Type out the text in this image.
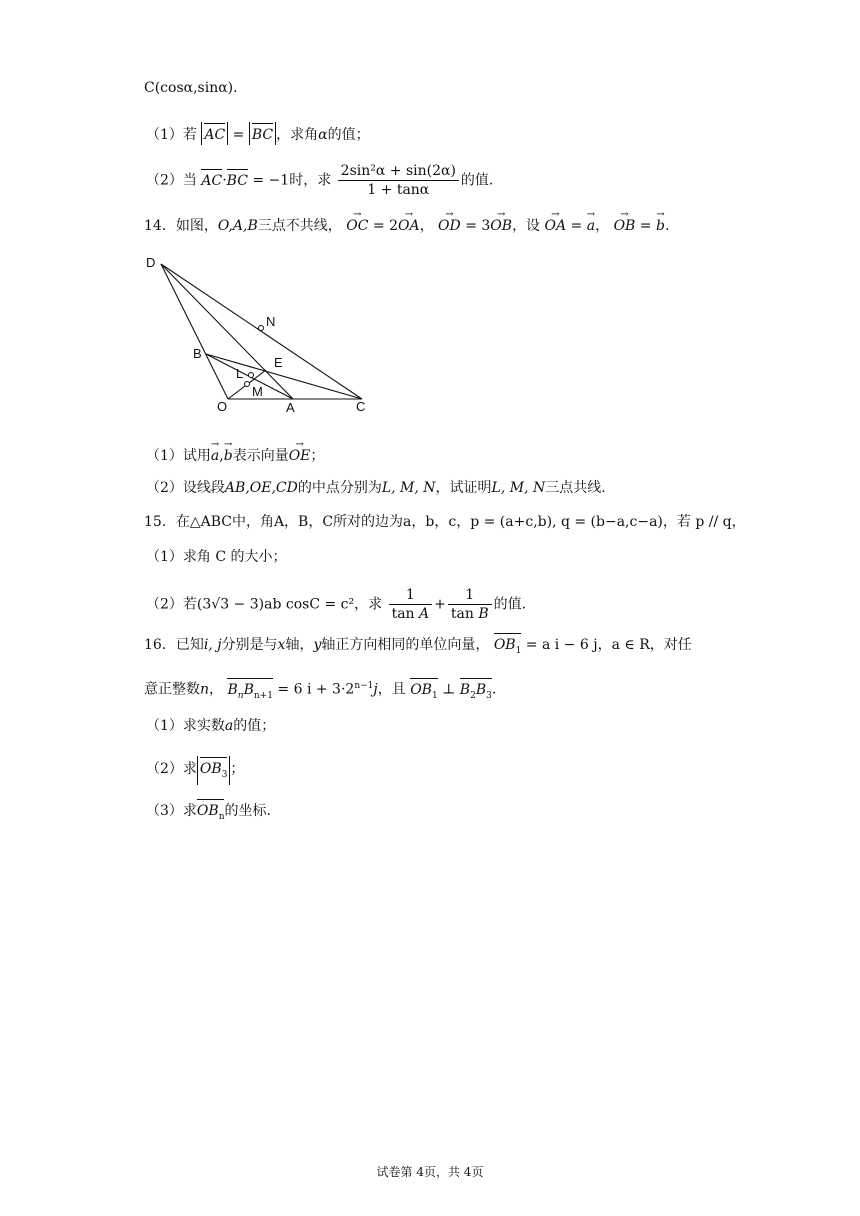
C(cosα,sinα).
（1）若 AC = BC ，求角α的值；
（2）当 AC·BC = −1时，求 $\frac{\text{2sin²α + sin(2α)}}{1 + \tan\alpha}$ 的值.
14．如图，O,A,B三点不共线， → OC = 2→ OA， → OD = 3→ OB，设 → OA = → a， → OB = → b.
D
N
B
E
L
M
O	A	C
（1）试用→ a,→ b表示向量→ OE；
（2）设线段AB,OE,CD的中点分别为L, M, N，试证明L, M, N三点共线.
15．在△ABC中，角A，B，C所对的边为a，b，c，p = (a+c,b), q = (b−a,c−a)，若 p // q，
（1）求角 C 的大小；
（2）若(3√3 − 3)ab cosC = c²，求 $\frac{1}{\text{tan A}} + \frac{1}{\text{tan B}}$ 的值.
16．已知i, j分别是与x轴，y轴正方向相同的单位向量， $OB_1 = a$ i − 6 j，a ∈ R，对任
意正整数n， $B_nB_{n+1} = 6$ $i + 3\cdot 2^{n-1}j$，且 $OB_1$ ⊥ $B_2B_3$.
（1）求实数a的值；
（2）求 $OB_3$ ；
（3）求$OB_n$的坐标.
试卷第 4页，共 4页
